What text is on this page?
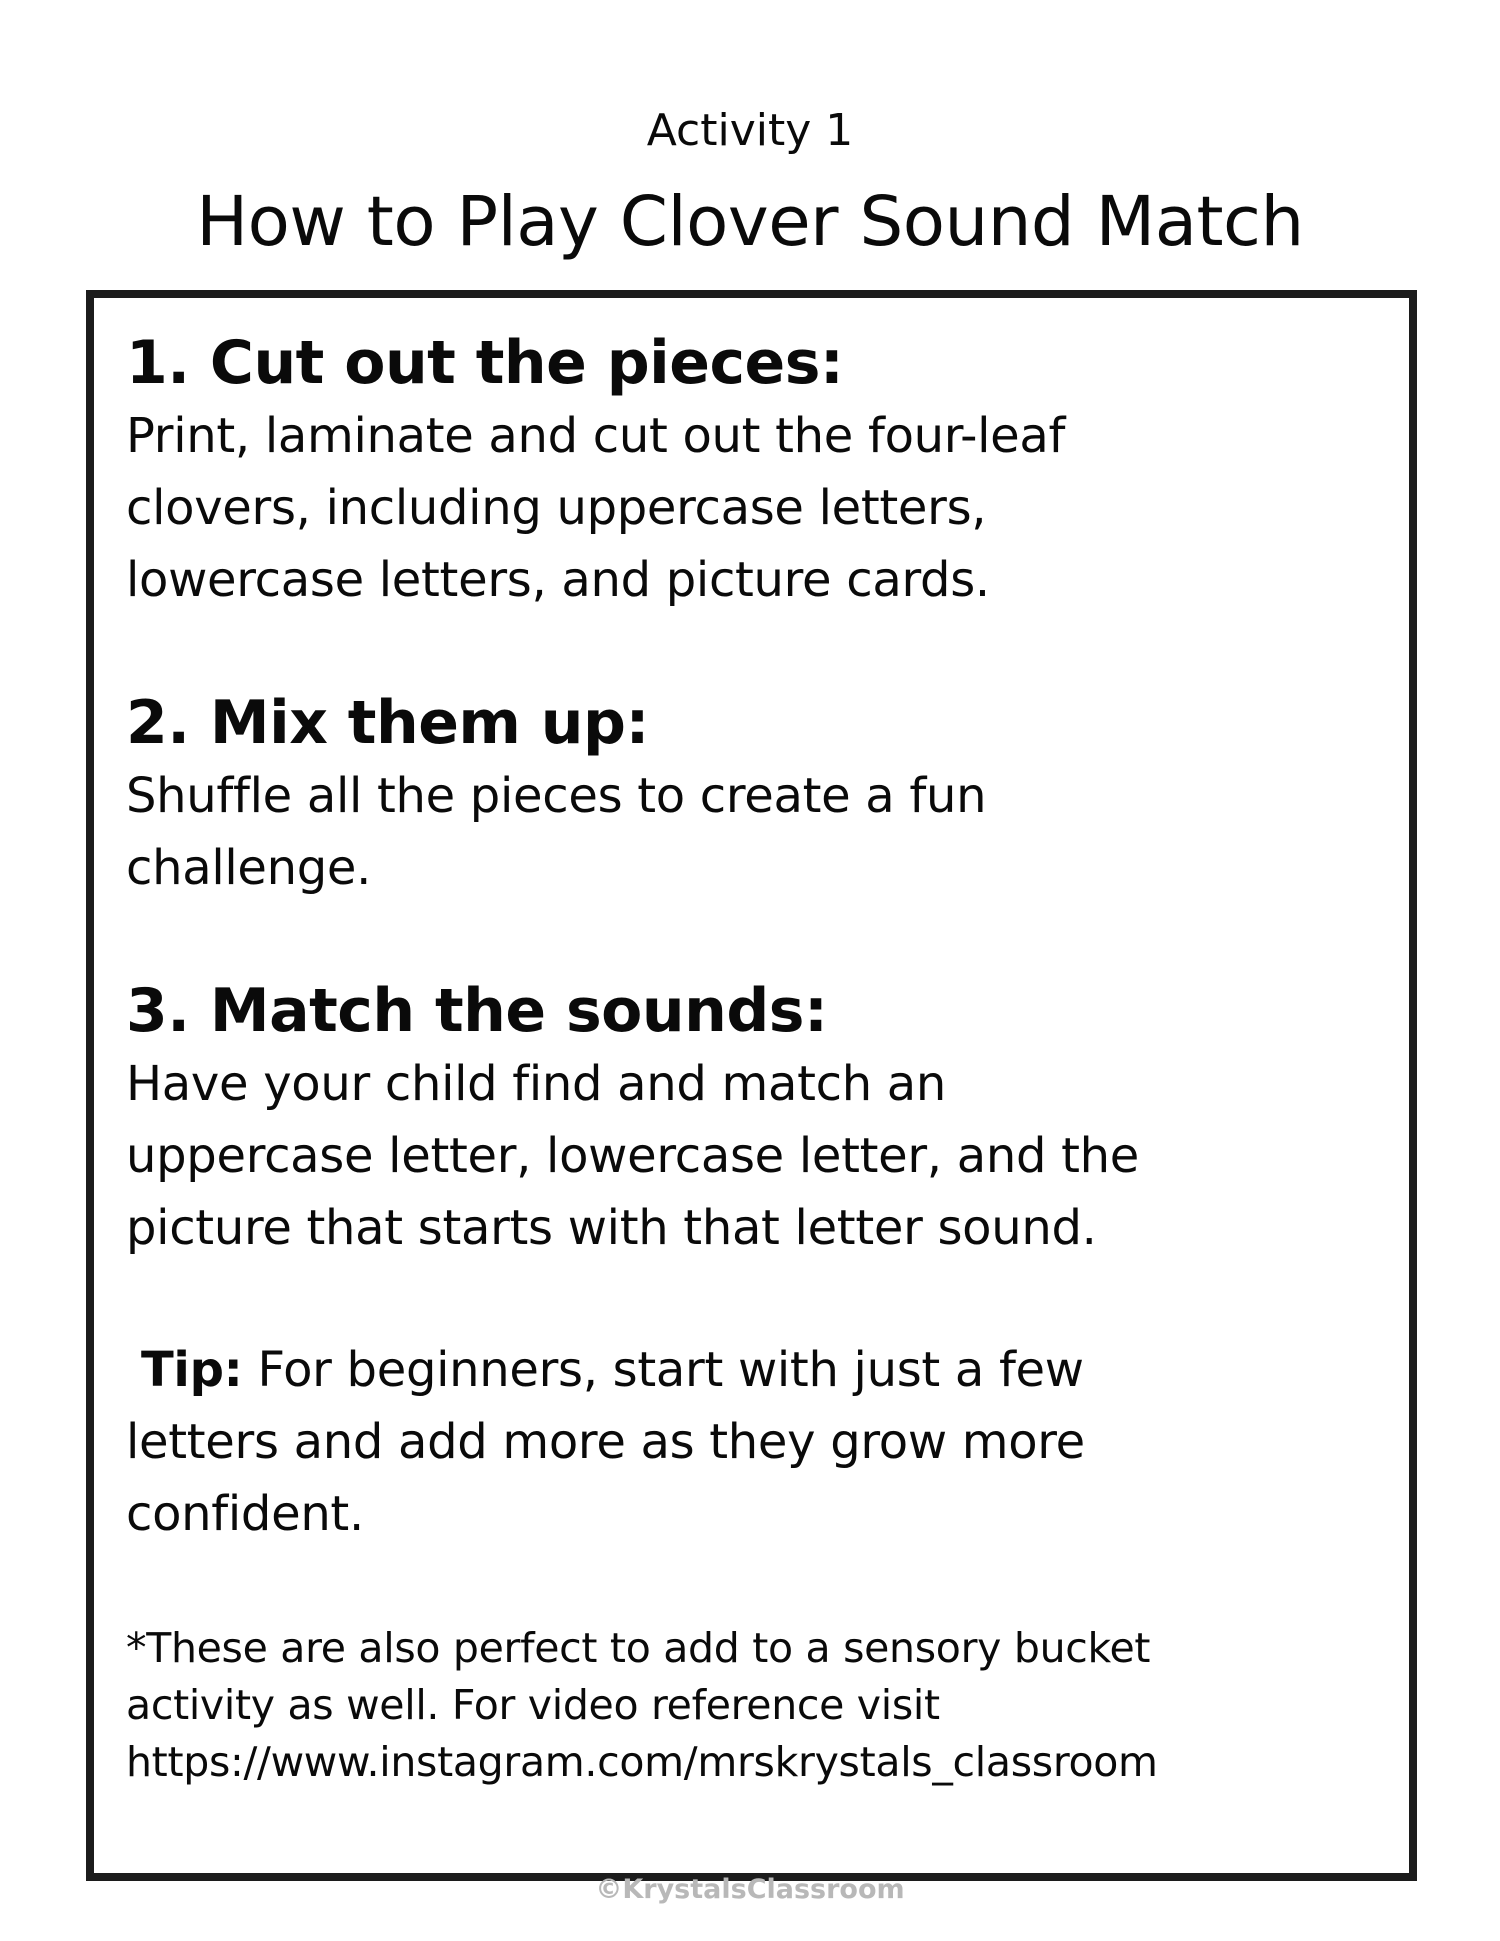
Activity 1
How to Play Clover Sound Match

1. Cut out the pieces:

Print, laminate and cut out the four-leaf
clovers, including uppercase letters,
lowercase letters, and picture cards.

2. Mix them up:

Shuffle all the pieces to create a fun
challenge.

3. Match the sounds:

Have your child find and match an
uppercase letter, lowercase letter, and the
picture that starts with that letter sound.

Tip: For beginners, start with just a few
letters and add more as they grow more
confident.

*These are also perfect to add to a sensory bucket
activity as well. For video reference visit
https://www.instagram.com/mrskrystals_classroom

©KrystalsClassroom
